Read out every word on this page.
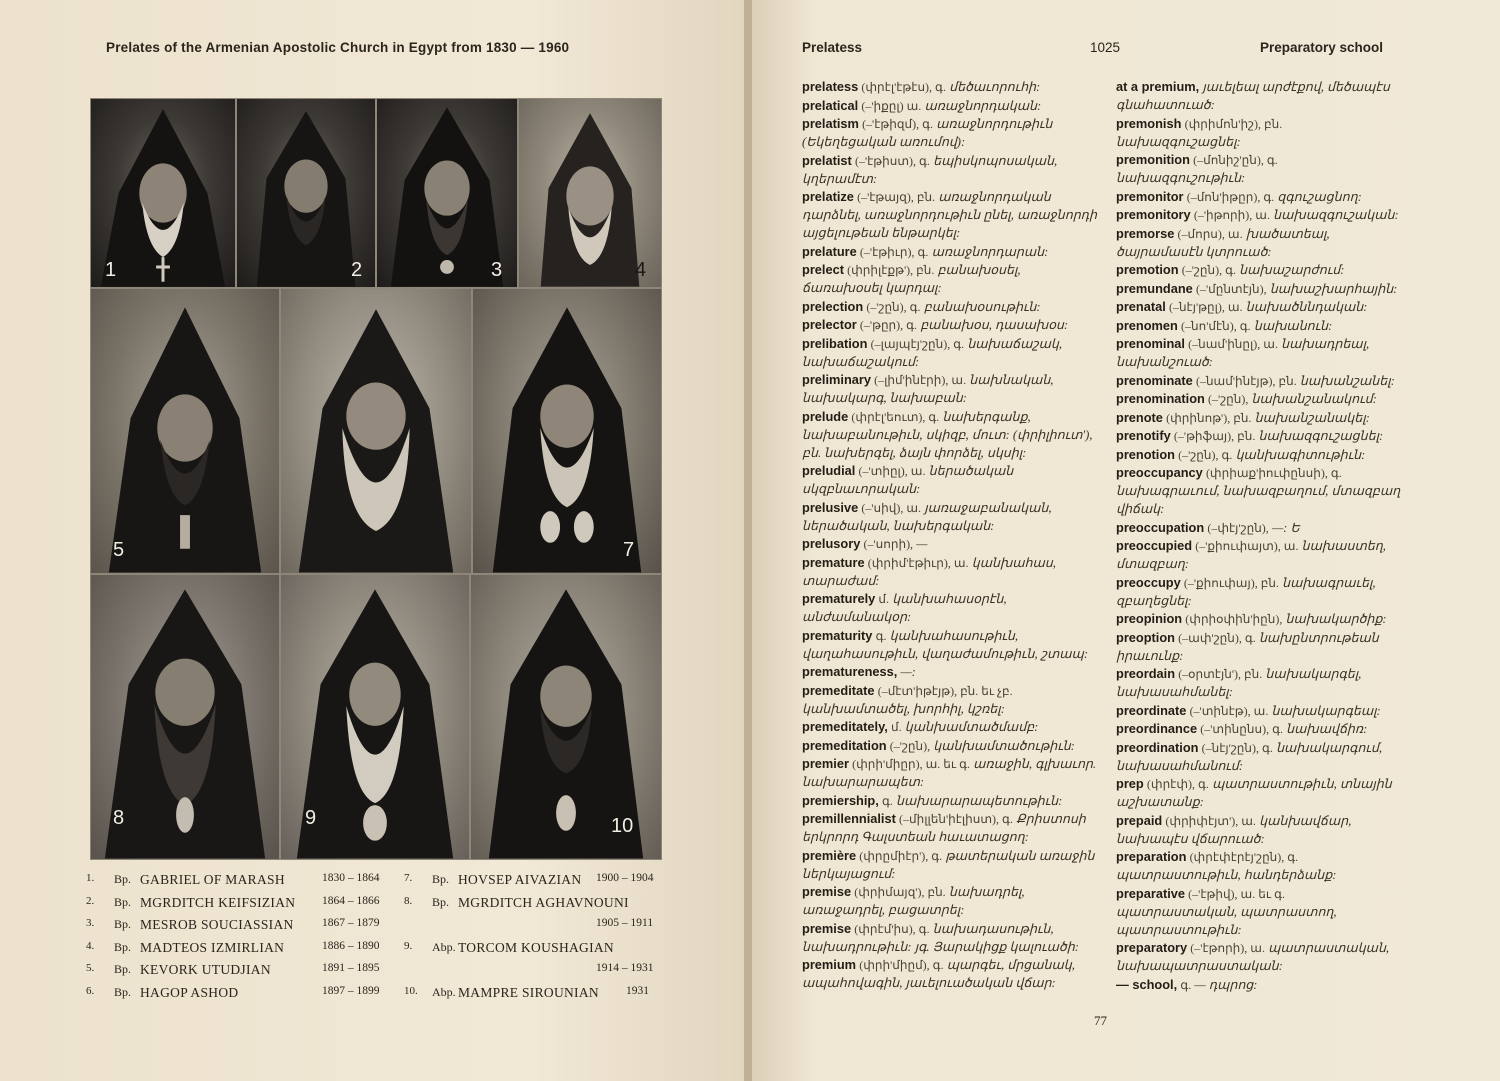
Prelates of the Armenian Apostolic Church in Egypt from 1830 — 1960
1	2	3	4
5	6	7
8	9	10
1. Bp. GABRIEL OF MARASH	1830 – 1864
2. Bp. MGRDITCH KEIFSIZIAN 1864 – 1866
3. Bp. MESROB SOUCIASSIAN 1867 – 1879
4. Bp. MADTEOS IZMIRLIAN	1886 – 1890
5. Bp. KEVORK UTUDJIAN	1891 – 1895
6. Bp. HAGOP ASHOD	1897 – 1899
7. Bp. HOVSEP AIVAZIAN 1900 – 1904
8. Bp. MGRDITCH AGHAVNOUNI
1905 – 1911
9. Abp. TORCOM KOUSHAGIAN
1914 – 1931
10. Abp. MAMPRE SIROUNIAN 1931
Prelatess	1025	Preparatory school
prelatess (փրէլ'էթէս), գ. մեծաւորուհի:
prelatical (–'իքըլ) ա. առաջնորդական:
prelatism (–'էթիզմ), գ. առաջնորդութիւն (Եկեղեցական առումով):
prelatist (–'էթիստ), գ. եպիսկոպոսական, կղերամէտ:
prelatize (–'էթայզ), բն. առաջնորդական դարձնել, առաջնորդութիւն ընել, առաջնորդի այցելութեան ենթարկել:
prelature (–'էթիւր), գ. առաջնորդարան:
prelect (փրիլէքթ'), բն. բանախօսել, ճառախօսել կարդալ:
prelection (–'շըն), գ. բանախօսութիւն:
prelector (–'թըր), գ. բանախօս, դասախօս:
prelibation (–լայպէյ'շըն), գ. նախաճաշակ, նախաճաշակում:
preliminary (–լիմ'ինէրի), ա. նախնական, նախակարգ, նախաբան:
prelude (փրէլ'եուտ), գ. նախերգանք, նախաբանութիւն, սկիզբ, մուտ: (փրիլիուտ'), բն. նախերգել, ձայն փորձել, սկսիլ:
preludial (–'տիըլ), ա. ներածական սկզբնաւորական:
prelusive (–'սիվ), ա. յառաջաբանական, ներածական, նախերգական:
prelusory (–'սորի), —
premature (փրիմ'էթիւր), ա. կանխահաս, տարաժամ:
prematurely մ. կանխահասօրէն, անժամանակօր:
prematurity գ. կանխահասութիւն, վաղահասութիւն, վաղաժամութիւն, շտապ:
prematureness, —:
premeditate (–մէտ'իթէյթ), բն. եւ չբ. կանխամտածել, խորհիլ, կշռել:
premeditately, մ. կանխամտածմամբ:
premeditation (–'շըն), կանխամտածութիւն:
premier (փրի'միըր), ա. եւ գ. առաջին, գլխաւոր. նախարարապետ:
premiership, գ. նախարարապետութիւն:
premillennialist (–միլլեն'իէլիստ), գ. Քրիստոսի երկրորդ Գալստեան հաւատացող:
première (փրըմիէր'), գ. թատերական առաջին ներկայացում:
premise (փրիմայզ'), բն. նախադրել, առաջադրել, բացատրել:
premise (փրէմ'իս), գ. նախադասութիւն, նախադրութիւն: յգ. Յարակիցք կալուածի:
premium (փրի'միըմ), գ. պարգեւ, մրցանակ, ապահովագին, յաւելուածական վճար:
at a premium, յաւելեալ արժէքով, մեծապէս գնահատուած:
premonish (փրիմոն'իշ), բն. նախազգուշացնել:
premonition (–մոնիշ'ըն), գ. նախազգուշութիւն:
premonitor (–մոն'իթըր), գ. զգուշացնող:
premonitory (–'իթորի), ա. նախազգուշական:
premorse (–մորս), ա. խածատեալ, ծայրամասէն կտրուած:
premotion (–'շըն), գ. նախաշարժում:
premundane (–'մընտէյն), նախաշխարհային:
prenatal (–նէյ'թըլ), ա. նախածննդական:
prenomen (–նո'մէն), գ. նախանուն:
prenominal (–նամ'ինըլ), ա. նախադրեալ, նախանշուած:
prenominate (–նամ'ինէյթ), բն. նախանշանել:
prenomination (–'շըն), նախանշանակում:
prenote (փրինոթ'), բն. նախանշանակել:
prenotify (–'թիֆայ), բն. նախազգուշացնել:
prenotion (–'շըն), գ. կանխագիտութիւն:
preoccupancy (փրիաք'իուփընսի), գ. նախագրաւում, նախազբաղում, մտազբաղ վիճակ:
preoccupation (–փէյ'շըն), —: Ե
preoccupied (–'քիուփայտ), ա. նախաստեղ, մտազբաղ:
preoccupy (–'քիուփայ), բն. նախագրաւել, զբաղեցնել:
preopinion (փրիօփին'իըն), նախակարծիք:
preoption (–ափ'շըն), գ. նախընտրութեան իրաւունք:
preordain (–օրտէյն'), բն. նախակարգել, նախասահմանել:
preordinate (–'տինէթ), ա. նախակարգեալ:
preordinance (–'տինընս), գ. նախավճիռ:
preordination (–նէյ'շըն), գ. նախակարգում, նախասահմանում:
prep (փրէփ), գ. պատրաստութիւն, տնային աշխատանք:
prepaid (փրիփէյտ'), ա. կանխավճար, նախապէս վճարուած:
preparation (փրէփէրէյ'շըն), գ. պատրաստութիւն, հանդերձանք:
preparative (–'էթիվ), ա. եւ գ. պատրաստական, պատրաստող, պատրաստութիւն:
preparatory (–'էթորի), ա. պատրաստական, նախապատրաստական:
— school, գ. — դպրոց:
77
